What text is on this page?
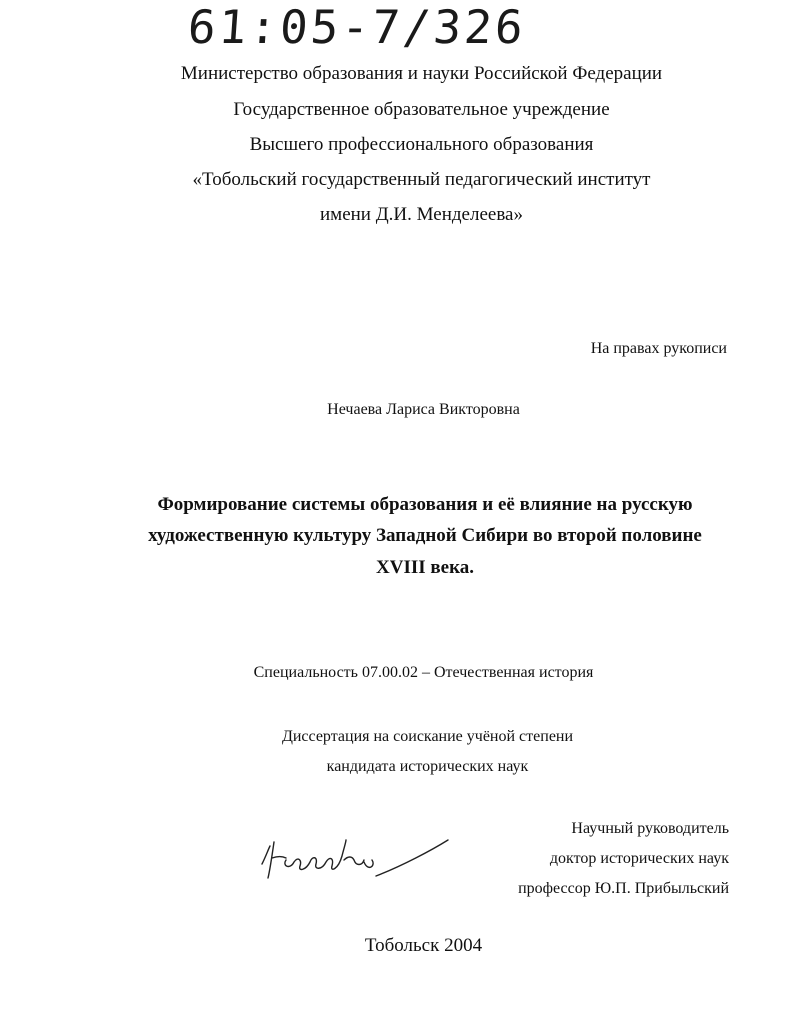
61:05-7/326
Министерство образования и науки Российской Федерации
Государственное образовательное учреждение
Высшего профессионального образования
«Тобольский государственный педагогический институт
имени Д.И. Менделеева»
На правах рукописи
Нечаева Лариса Викторовна
Формирование системы образования и её влияние на русскую
художественную культуру Западной Сибири во второй половине
XVIII века.
Специальность 07.00.02 – Отечественная история
Диссертация на соискание учёной степени
кандидата исторических наук
Научный руководитель
доктор исторических наук
профессор Ю.П. Прибыльский
Тобольск 2004
